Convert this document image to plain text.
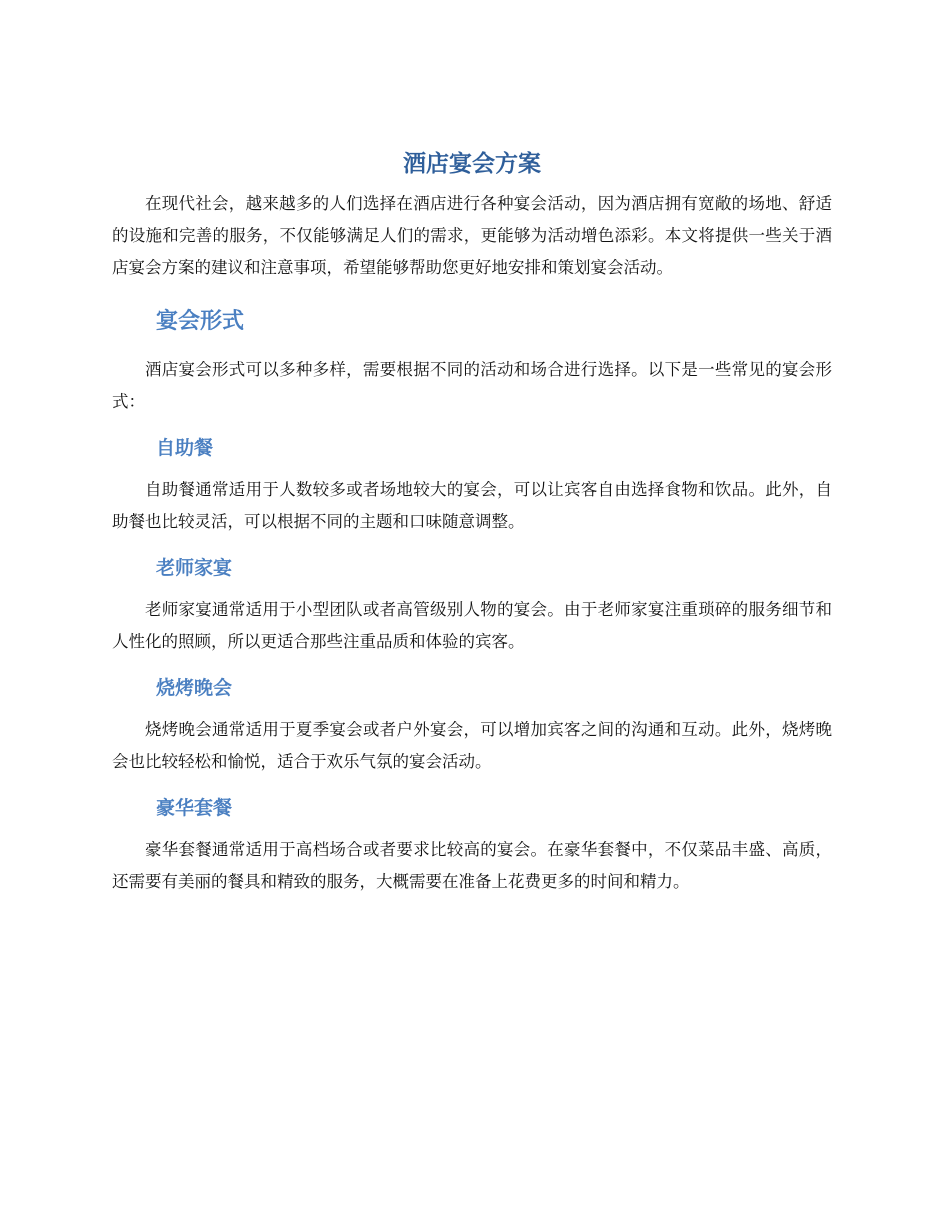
酒店宴会方案

在现代社会，越来越多的人们选择在酒店进行各种宴会活动，因为酒店拥有宽敞的场地、舒适的设施和完善的服务，不仅能够满足人们的需求，更能够为活动增色添彩。本文将提供一些关于酒店宴会方案的建议和注意事项，希望能够帮助您更好地安排和策划宴会活动。

宴会形式

酒店宴会形式可以多种多样，需要根据不同的活动和场合进行选择。以下是一些常见的宴会形式：

自助餐

自助餐通常适用于人数较多或者场地较大的宴会，可以让宾客自由选择食物和饮品。此外，自助餐也比较灵活，可以根据不同的主题和口味随意调整。

老师家宴

老师家宴通常适用于小型团队或者高管级别人物的宴会。由于老师家宴注重琐碎的服务细节和人性化的照顾，所以更适合那些注重品质和体验的宾客。

烧烤晚会

烧烤晚会通常适用于夏季宴会或者户外宴会，可以增加宾客之间的沟通和互动。此外，烧烤晚会也比较轻松和愉悦，适合于欢乐气氛的宴会活动。

豪华套餐

豪华套餐通常适用于高档场合或者要求比较高的宴会。在豪华套餐中，不仅菜品丰盛、高质，还需要有美丽的餐具和精致的服务，大概需要在准备上花费更多的时间和精力。
